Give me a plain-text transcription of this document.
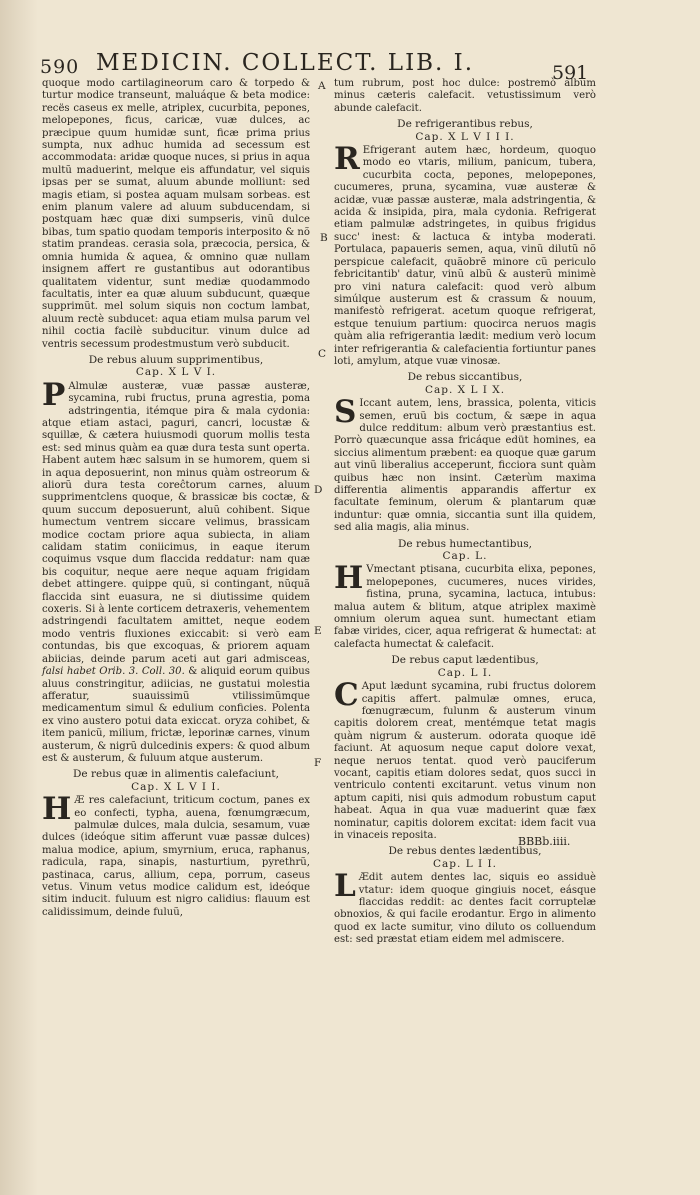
590 MEDICIN. COLLECT. LIB. I.	591
A
B
C
D
E
F

quoque modo cartilagineorum caro & torpedo & turtur modice transeunt, maluáque & beta modice: recës caseus ex melle, atriplex, cucurbita, pepones, melopepones, ficus, caricæ, vuæ dulces, ac præcipue quum humidæ sunt, ficæ prima prius sumpta, nux adhuc humida ad secessum est accommodata: aridæ quoque nuces, si prius in aqua multũ maduerint, melque eis affundatur, vel siquis ipsas per se sumat, aluum abunde molliunt: sed magis etiam, si postea aquam mulsam sorbeas. est enim planum valere ad aluum subducendam, si postquam hæc quæ dixi sumpseris, vinũ dulce bibas, tum spatio quodam temporis interposito & nõ statim prandeas. cerasia sola, præcocia, persica, & omnia humida & aquea, & omnino quæ nullam insignem affert re gustantibus aut odorantibus qualitatem videntur, sunt mediæ quodammodo facultatis, inter ea quæ aluum subducunt, quæque supprimũt. mel solum siquis non coctum lambat, aluum rectè subducet: aqua etiam mulsa parum vel nihil coctia facilè subducitur. vinum dulce ad ventris secessum prodestmustum verò subducit.

De rebus aluum supprimentibus,
Cap. X L V I.

P Almulæ austeræ, vuæ passæ austeræ, sycamina, rubi fructus, pruna agrestia, poma adstringentia, itémque pira & mala cydonia: atque etiam astaci, paguri, cancri, locustæ & squillæ, & cætera huiusmodi quorum mollis testa est: sed minus quàm ea quæ dura testa sunt operta. Habent autem hæc salsum in se humorem, quem si in aqua deposuerint, non minus quàm ostreorum & aliorũ dura testa coreĉtorum carnes, aluum supprimentclens quoque, & brassicæ bis coctæ, & quum succum deposuerunt, aluũ cohibent. Sique humectum ventrem siccare velimus, brassicam modice coctam priore aqua subiecta, in aliam calidam statim coniicimus, in eaque iterum coquimus vsque dum flaccida reddatur: nam quæ bis coquitur, neque aere neque aquam frigidam debet attingere. quippe quũ, si contingant, nũquã flaccida sint euasura, ne si diutissime quidem coxeris. Si à lente corticem detraxeris, vehementem adstringendi facultatem amittet, neque eodem modo ventris fluxiones exiccabit: si verò eam contundas, bis que excoquas, & priorem aquam abiicias, deinde parum aceti aut gari admisceas, falsi habet Orib. 3. Coll. 30. & aliquid eorum quibus aluus constringitur, adiicias, ne gustatui molestia afferatur, suauissimũ vtilissimũmque medicamentum simul & edulium conficies. Polenta ex vino austero potui data exiccat. oryza cohibet, & item panicũ, milium, frictæ, leporinæ carnes, vinum austerum, & nigrũ dulcedinis expers: & quod album est & austerum, & fuluum atque austerum.

De rebus quæ in alimentis calefaciunt,
Cap. X L V I I.

H Æ res calefaciunt, triticum coctum, panes ex eo confecti, typha, auena, fœnumgræcum, palmulæ dulces, mala dulcia, sesamum, vuæ dulces (ideóque sitim afferunt vuæ passæ dulces) malua modice, apium, smyrnium, eruca, raphanus, radicula, rapa, sinapis, nasturtium, pyrethrũ, pastinaca, carus, allium, cepa, porrum, caseus vetus. Vinum vetus modice calidum est, ideóque sitim inducit. fuluum est nigro calidius: flauum est calidissimum, deinde fuluũ,

tum rubrum, post hoc dulce: postremò album minus cæteris calefacit. vetustissimum verò abunde calefacit.

De refrigerantibus rebus,
Cap. X L V I I I.

R Efrigerant autem hæc, hordeum, quoquo modo eo vtaris, milium, panicum, tubera, cucurbita cocta, pepones, melopepones, cucumeres, pruna, sycamina, vuæ austeræ & acidæ, vuæ passæ austeræ, mala adstringentia, & acida & insipida, pira, mala cydonia. Refrigerat etiam palmulæ adstringetes, in quibus frigidus succ' inest: & lactuca & intyba moderati. Portulaca, papaueris semen, aqua, vinũ dilutũ nõ perspicue calefacit, quãobrẽ minore cũ periculo febricitantib' datur, vinũ albũ & austerũ minimè pro vini natura calefacit: quod verò album simúlque austerum est & crassum & nouum, manifestò refrigerat. acetum quoque refrigerat, estque tenuium partium: quocirca neruos magis quàm alia refrigerantia lædit: medium verò locum inter refrigerantia & calefacientia fortiuntur panes loti, amylum, atque vuæ vinosæ.

De rebus siccantibus,
Cap. X L I X.

S Iccant autem, lens, brassica, polenta, viticis semen, eruũ bis coctum, & sæpe in aqua dulce redditum: album verò præstantius est. Porrò quæcunque assa fricáque edüt homines, ea siccius alimentum præbent: ea quoque quæ garum aut vinũ liberalius acceperunt, ficciora sunt quàm quibus hæc non insint. Cæterùm maxima differentia alimentis apparandis affertur ex facultate feminum, olerum & plantarum quæ induntur: quæ omnia, siccantia sunt illa quidem, sed alia magis, alia minus.

De rebus humectantibus,
Cap. L.

H Vmectant ptisana, cucurbita elixa, pepones, melopepones, cucumeres, nuces virides, fistina, pruna, sycamina, lactuca, intubus: malua autem & blitum, atque atriplex maximè omnium olerum aquea sunt. humectant etiam fabæ virides, cicer, aqua refrigerat & humectat: at calefacta humectat & calefacit.

De rebus caput lædentibus,
Cap. L I.

C Aput lædunt sycamina, rubi fructus dolorem capitis affert. palmulæ omnes, eruca, fœnugræcum, fulunm & austerum vinum capitis dolorem creat, mentémque tetat magis quàm nigrum & austerum. odorata quoque idẽ faciunt. At aquosum neque caput dolore vexat, neque neruos tentat. quod verò pauciferum vocant, capitis etiam dolores sedat, quos succi in ventriculo contenti excitarunt. vetus vinum non aptum capiti, nisi quis admodum robustum caput habeat. Aqua in qua vuæ maduerint quæ fæx nominatur, capitis dolorem excitat: idem facit vua in vinaceis reposita.

De rebus dentes lædentibus,
Cap. L I I.

L Ædit autem dentes lac, siquis eo assiduè vtatur: idem quoque gingiuis nocet, eásque flaccidas reddit: ac dentes facit corruptelæ obnoxios, & qui facile erodantur. Ergo in alimento quod ex lacte sumitur, vino diluto os colluendum est: sed præstat etiam eidem mel admiscere.

BBBb.iiii.
